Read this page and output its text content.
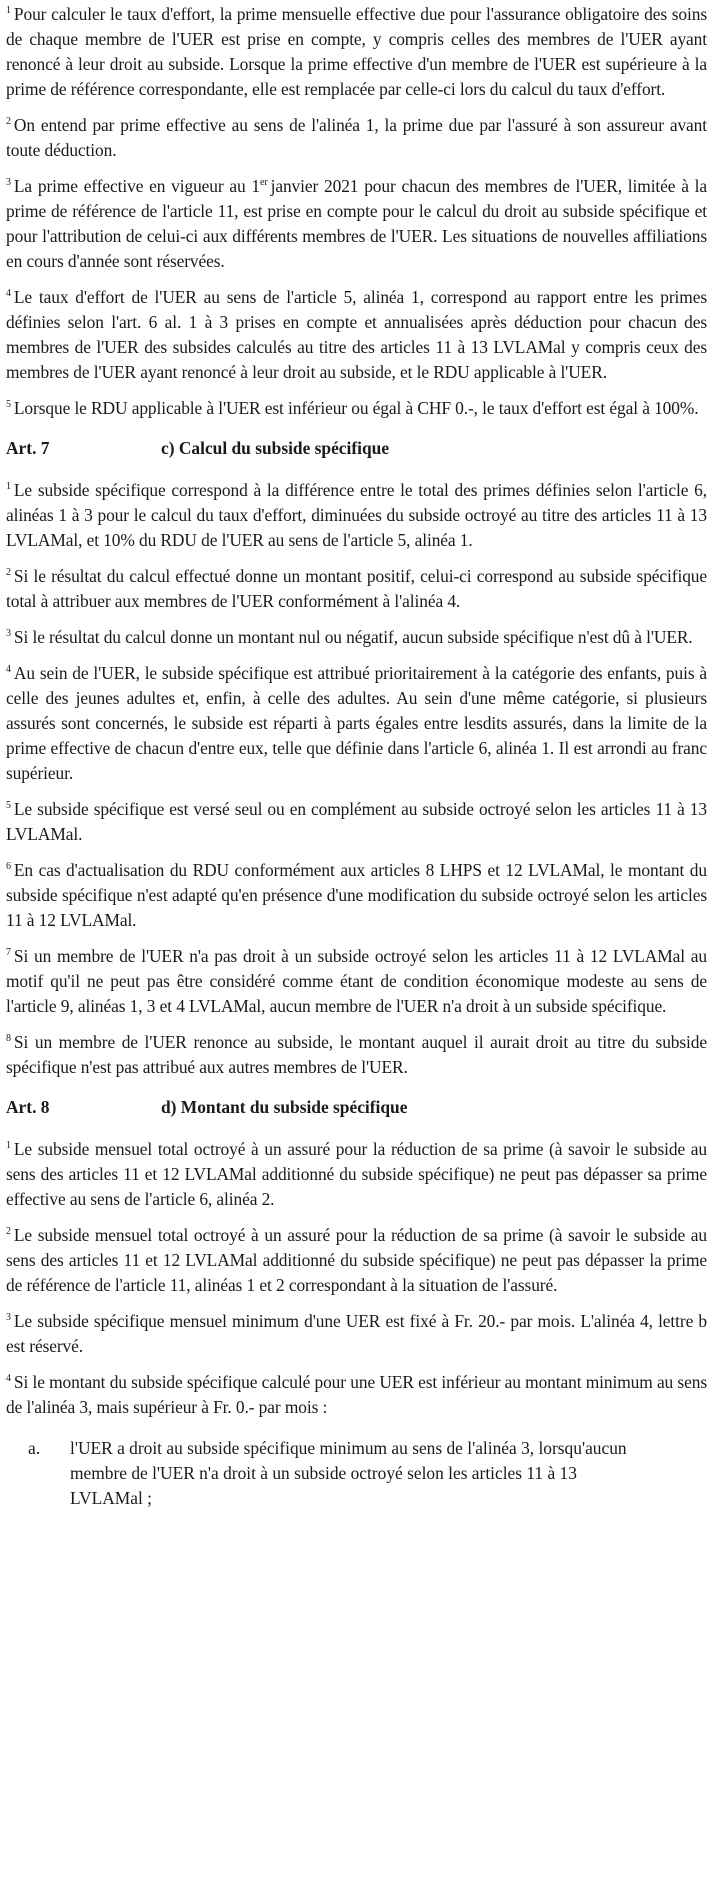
$^1$ Pour calculer le taux d'effort, la prime mensuelle effective due pour l'assurance obligatoire des soins de chaque membre de l'UER est prise en compte, y compris celles des membres de l'UER ayant renoncé à leur droit au subside. Lorsque la prime effective d'un membre de l'UER est supérieure à la prime de référence correspondante, elle est remplacée par celle-ci lors du calcul du taux d'effort.

$^2$ On entend par prime effective au sens de l'alinéa 1, la prime due par l'assuré à son assureur avant toute déduction.

$^3$ La prime effective en vigueur au 1er janvier 2021 pour chacun des membres de l'UER, limitée à la prime de référence de l'article 11, est prise en compte pour le calcul du droit au subside spécifique et pour l'attribution de celui-ci aux différents membres de l'UER. Les situations de nouvelles affiliations en cours d'année sont réservées.

$^4$ Le taux d'effort de l'UER au sens de l'article 5, alinéa 1, correspond au rapport entre les primes définies selon l'art. 6 al. 1 à 3 prises en compte et annualisées après déduction pour chacun des membres de l'UER des subsides calculés au titre des articles 11 à 13 LVLAMal y compris ceux des membres de l'UER ayant renoncé à leur droit au subside, et le RDU applicable à l'UER.

$^5$ Lorsque le RDU applicable à l'UER est inférieur ou égal à CHF 0.-, le taux d'effort est égal à 100%.

Art. 7	c) Calcul du subside spécifique

$^1$ Le subside spécifique correspond à la différence entre le total des primes définies selon l'article 6, alinéas 1 à 3 pour le calcul du taux d'effort, diminuées du subside octroyé au titre des articles 11 à 13 LVLAMal, et 10% du RDU de l'UER au sens de l'article 5, alinéa 1.

$^2$ Si le résultat du calcul effectué donne un montant positif, celui-ci correspond au subside spécifique total à attribuer aux membres de l'UER conformément à l'alinéa 4.

$^3$ Si le résultat du calcul donne un montant nul ou négatif, aucun subside spécifique n'est dû à l'UER.

$^4$ Au sein de l'UER, le subside spécifique est attribué prioritairement à la catégorie des enfants, puis à celle des jeunes adultes et, enfin, à celle des adultes. Au sein d'une même catégorie, si plusieurs assurés sont concernés, le subside est réparti à parts égales entre lesdits assurés, dans la limite de la prime effective de chacun d'entre eux, telle que définie dans l'article 6, alinéa 1. Il est arrondi au franc supérieur.

$^5$ Le subside spécifique est versé seul ou en complément au subside octroyé selon les articles 11 à 13 LVLAMal.

$^6$ En cas d'actualisation du RDU conformément aux articles 8 LHPS et 12 LVLAMal, le montant du subside spécifique n'est adapté qu'en présence d'une modification du subside octroyé selon les articles 11 à 12 LVLAMal.

$^7$ Si un membre de l'UER n'a pas droit à un subside octroyé selon les articles 11 à 12 LVLAMal au motif qu'il ne peut pas être considéré comme étant de condition économique modeste au sens de l'article 9, alinéas 1, 3 et 4 LVLAMal, aucun membre de l'UER n'a droit à un subside spécifique.

$^8$ Si un membre de l'UER renonce au subside, le montant auquel il aurait droit au titre du subside spécifique n'est pas attribué aux autres membres de l'UER.

Art. 8	d) Montant du subside spécifique

$^1$ Le subside mensuel total octroyé à un assuré pour la réduction de sa prime (à savoir le subside au sens des articles 11 et 12 LVLAMal additionné du subside spécifique) ne peut pas dépasser sa prime effective au sens de l'article 6, alinéa 2.

$^2$ Le subside mensuel total octroyé à un assuré pour la réduction de sa prime (à savoir le subside au sens des articles 11 et 12 LVLAMal additionné du subside spécifique) ne peut pas dépasser la prime de référence de l'article 11, alinéas 1 et 2 correspondant à la situation de l'assuré.

$^3$ Le subside spécifique mensuel minimum d'une UER est fixé à Fr. 20.- par mois. L'alinéa 4, lettre b est réservé.

$^4$ Si le montant du subside spécifique calculé pour une UER est inférieur au montant minimum au sens de l'alinéa 3, mais supérieur à Fr. 0.- par mois :

a.	l'UER a droit au subside spécifique minimum au sens de l'alinéa 3, lorsqu'aucun membre de l'UER n'a droit à un subside octroyé selon les articles 11 à 13 LVLAMal ;
